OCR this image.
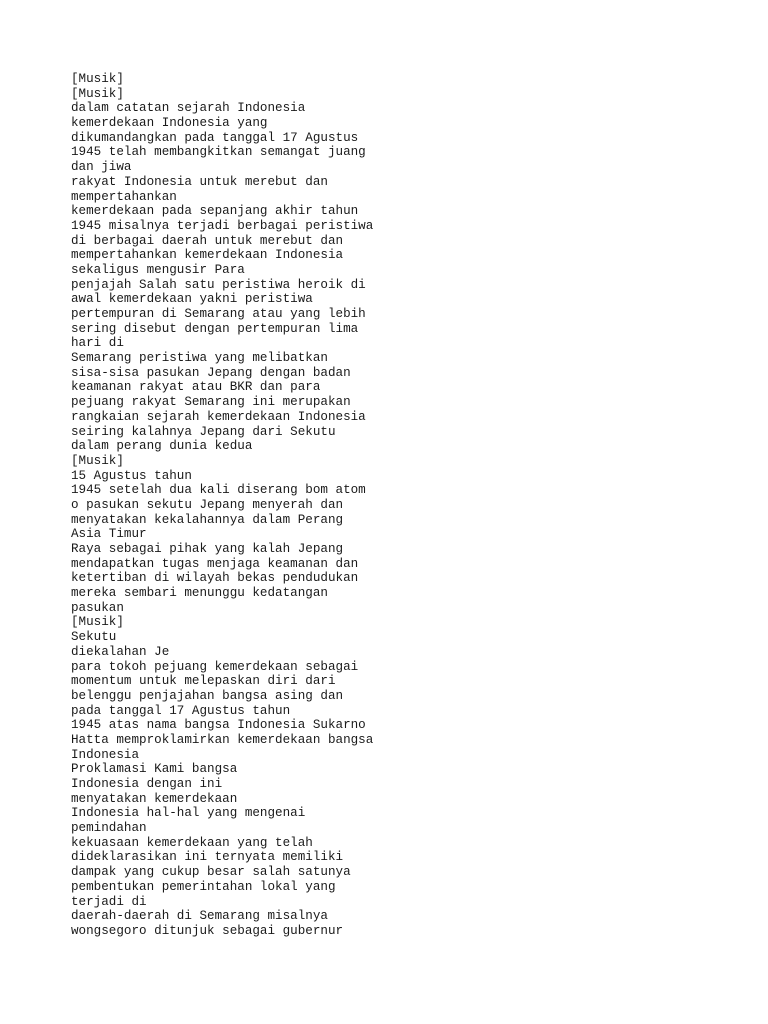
[Musik]
[Musik]
dalam catatan sejarah Indonesia
kemerdekaan Indonesia yang
dikumandangkan pada tanggal 17 Agustus
1945 telah membangkitkan semangat juang
dan jiwa
rakyat Indonesia untuk merebut dan
mempertahankan
kemerdekaan pada sepanjang akhir tahun
1945 misalnya terjadi berbagai peristiwa
di berbagai daerah untuk merebut dan
mempertahankan kemerdekaan Indonesia
sekaligus mengusir Para
penjajah Salah satu peristiwa heroik di
awal kemerdekaan yakni peristiwa
pertempuran di Semarang atau yang lebih
sering disebut dengan pertempuran lima
hari di
Semarang peristiwa yang melibatkan
sisa-sisa pasukan Jepang dengan badan
keamanan rakyat atau BKR dan para
pejuang rakyat Semarang ini merupakan
rangkaian sejarah kemerdekaan Indonesia
seiring kalahnya Jepang dari Sekutu
dalam perang dunia kedua
[Musik]
15 Agustus tahun
1945 setelah dua kali diserang bom atom
o pasukan sekutu Jepang menyerah dan
menyatakan kekalahannya dalam Perang
Asia Timur
Raya sebagai pihak yang kalah Jepang
mendapatkan tugas menjaga keamanan dan
ketertiban di wilayah bekas pendudukan
mereka sembari menunggu kedatangan
pasukan
[Musik]
Sekutu
diekalahan Je
para tokoh pejuang kemerdekaan sebagai
momentum untuk melepaskan diri dari
belenggu penjajahan bangsa asing dan
pada tanggal 17 Agustus tahun
1945 atas nama bangsa Indonesia Sukarno
Hatta memproklamirkan kemerdekaan bangsa
Indonesia
Proklamasi Kami bangsa
Indonesia dengan ini
menyatakan kemerdekaan
Indonesia hal-hal yang mengenai
pemindahan
kekuasaan kemerdekaan yang telah
dideklarasikan ini ternyata memiliki
dampak yang cukup besar salah satunya
pembentukan pemerintahan lokal yang
terjadi di
daerah-daerah di Semarang misalnya
wongsegoro ditunjuk sebagai gubernur
